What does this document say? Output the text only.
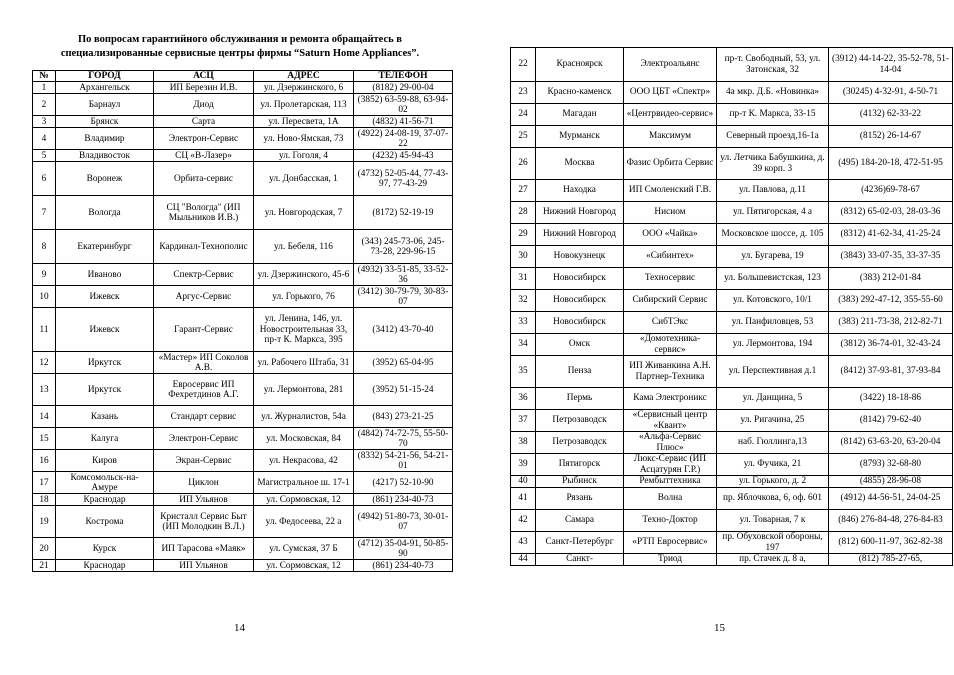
По вопросам гарантийного обслуживания и ремонта обращайтесь в
специализированные сервисные центры фирмы “Saturn Home Appliances”.
№	ГОРОД	АСЦ	АДРЕС	ТЕЛЕФОН
1	Архангельск	ИП Березин И.В.	ул. Дзержинского, 6	(8182) 29-00-04
2	Барнаул	Диод	ул. Пролетарская, 113	(3852) 63-59-88, 63-94-02
3	Брянск	Сарта	ул. Пересвета, 1А	(4832) 41-56-71
4	Владимир	Электрон-Сервис	ул. Ново-Ямская, 73	(4922) 24-08-19, 37-07-22
5	Владивосток	СЦ «В-Лазер»	ул. Гоголя, 4	(4232) 45-94-43
6	Воронеж	Орбита-сервис	ул. Донбасская, 1	(4732) 52-05-44, 77-43-97, 77-43-29
7	Вологда	СЦ "Вологда" (ИП Мыльников И.В.)	ул. Новгородская, 7	(8172) 52-19-19
8	Екатеринбург	Кардинал-Технополис	ул. Бебеля, 116	(343) 245-73-06, 245-73-28, 229-96-15
9	Иваново	Спектр-Сервис	ул. Дзержинского, 45-6	(4932) 33-51-85, 33-52-36
10	Ижевск	Аргус-Сервис	ул. Горького, 76	(3412) 30-79-79, 30-83-07
11	Ижевск	Гарант-Сервис	ул. Ленина, 146, ул. Новостроительная 33, пр-т К. Маркса, 395	(3412) 43-70-40
12	Иркутск	«Мастер» ИП Соколов А.В.	ул. Рабочего Штаба, 31	(3952) 65-04-95
13	Иркутск	Евросервис ИП Фехретдинов А.Г.	ул. Лермонтова, 281	(3952) 51-15-24
14	Казань	Стандарт сервис	ул. Журналистов, 54а	(843) 273-21-25
15	Калуга	Электрон-Сервис	ул. Московская, 84	(4842) 74-72-75, 55-50-70
16	Киров	Экран-Сервис	ул. Некрасова, 42	(8332) 54-21-56, 54-21-01
17	Комсомольск-на-Амуре	Циклон	Магистральное ш. 17-1	(4217) 52-10-90
18	Краснодар	ИП Ульянов	ул. Сормовская, 12	(861) 234-40-73
19	Кострома	Кристалл Сервис Быт (ИП Молодкин В.Л.)	ул. Федосеева, 22 а	(4942) 51-80-73, 30-01-07
20	Курск	ИП Тарасова «Маяк»	ул. Сумская, 37 Б	(4712) 35-04-91, 50-85-90
21	Краснодар	ИП Ульянов	ул. Сормовская, 12	(861) 234-40-73
14
22	Красноярск	Электроальянс	пр-т. Свободный, 53, ул. Затонская, 32	(3912) 44-14-22, 35-52-78, 51-14-04
23	Красно-каменск	ООО ЦБТ «Спектр»	4а мкр. Д.Б. «Новинка»	(30245) 4-32-91, 4-50-71
24	Магадан	«Центрвидео-сервис»	пр-т К. Маркса, 33-15	(4132) 62-33-22
25	Мурманск	Максимум	Северный проезд,16-1а	(8152) 26-14-67
26	Москва	Фазис Орбита Сервис	ул. Летчика Бабушкина, д. 39 корп. 3	(495) 184-20-18, 472-51-95
27	Находка	ИП Смоленский Г.В.	ул. Павлова, д.11	(4236)69-78-67
28	Нижний Новгород	Нисиом	ул. Пятигорская, 4 а	(8312) 65-02-03, 28-03-36
29	Нижний Новгород	ООО «Чайка»	Московское шоссе, д. 105	(8312) 41-62-34, 41-25-24
30	Новокузнецк	«Сибинтех»	ул. Бугарева, 19	(3843) 33-07-35, 33-37-35
31	Новосибирск	Техносервис	ул. Большевистская, 123	(383) 212-01-84
32	Новосибирск	Сибирский Сервис	ул. Котовского, 10/1	(383) 292-47-12, 355-55-60
33	Новосибирск	СибТЭкс	ул. Панфиловцев, 53	(383) 211-73-38, 212-82-71
34	Омск	«Домотехника-сервис»	ул. Лермонтова, 194	(3812) 36-74-01, 32-43-24
35	Пенза	ИП Живанкина А.Н. Партнер-Техника	ул. Перспективная д.1	(8412) 37-93-81, 37-93-84
36	Пермь	Кама Электроникс	ул. Данщина, 5	(3422) 18-18-86
37	Петрозаводск	«Сервисный центр «Квант»	ул. Ригачина, 25	(8142) 79-62-40
38	Петрозаводск	«Альфа-Сервис Плюс»	наб. Гюллинга,13	(8142) 63-63-20, 63-20-04
39	Пятигорск	Люкс-Сервис (ИП Асцатурян Г.Р.)	ул. Фучика, 21	(8793) 32-68-80
40	Рыбинск	Рембыттехника	ул. Горького, д. 2	(4855) 28-96-08
41	Рязань	Волна	пр. Яблочкова, 6, оф. 601	(4912) 44-56-51, 24-04-25
42	Самара	Техно-Доктор	ул. Товарная, 7 к	(846) 276-84-48, 276-84-83
43	Санкт-Петербург	«РТП Евросервис»	пр. Обуховской обороны, 197	(812) 600-11-97, 362-82-38
44	Санкт-	Триод	пр. Стачек д. 8 а,	(812) 785-27-65,
15
